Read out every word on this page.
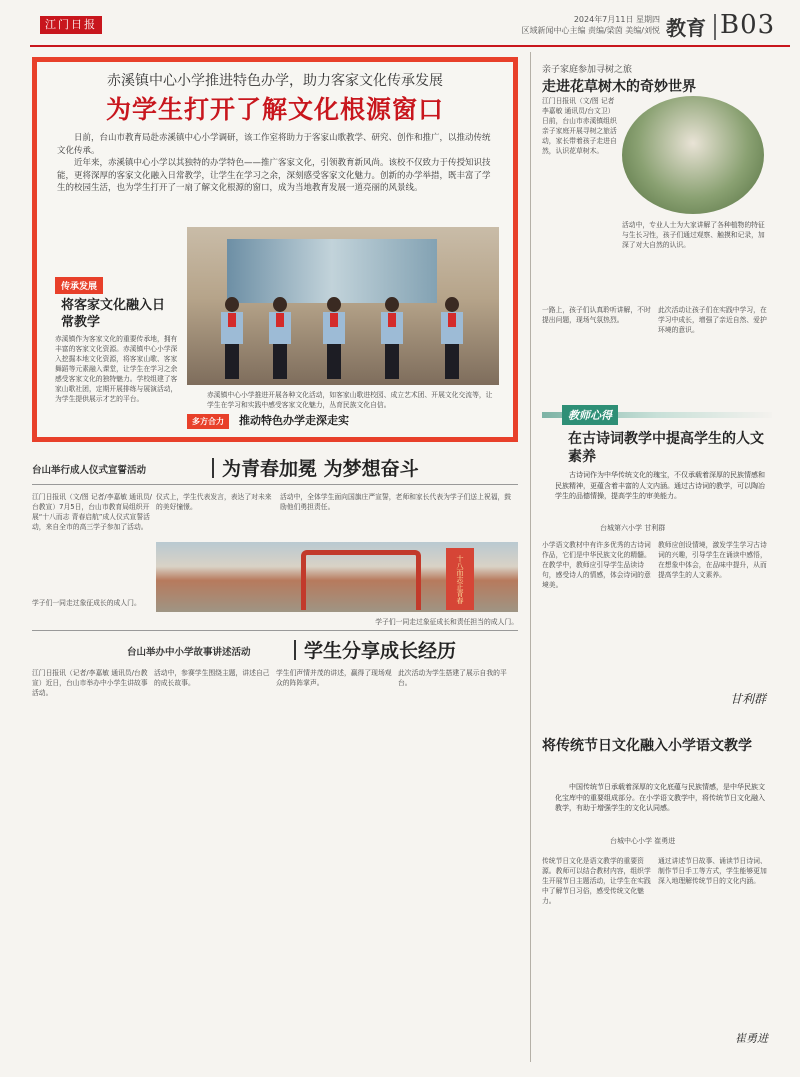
江门日报	2024年7月11日 星期四
区域新闻中心主编 责编/梁茵 美编/刘悦 教育 B03
赤溪镇中心小学推进特色办学，助力客家文化传承发展
为学生打开了解文化根源窗口

日前，台山市教育局赴赤溪镇中心小学调研，该工作室将助力于客家山歌教学、研究、创作和推广，以推动传统文化传承。

近年来，赤溪镇中心小学以其独特的办学特色——推广客家文化，引领教育新风尚。该校不仅致力于传授知识技能，更将深厚的客家文化融入日常教学，让学生在学习之余，深刻感受客家文化魅力。创新的办学举措，既丰富了学生的校园生活，也为学生打开了一扇了解文化根源的窗口，成为当地教育发展一道亮丽的风景线。

传承发展
将客家文化融入日常教学
赤溪镇作为客家文化的重要传承地，拥有丰富的客家文化资源。赤溪镇中心小学深入挖掘本地文化资源，将客家山歌、客家舞蹈等元素融入课堂，让学生在学习之余感受客家文化的独特魅力。学校组建了客家山歌社团，定期开展排练与展演活动，为学生提供展示才艺的平台。	赤溪镇中心小学推进开展各种文化活动，如客家山歌进校园、成立艺术团、开展文化交流等，让学生在学习和实践中感受客家文化魅力，丛育民族文化自信。
多方合力	推动特色办学走深走实
亲子家庭参加寻树之旅
走进花草树木的奇妙世界
江门日报讯（文/图 记者李嘉敏 通讯员/台文卫）日前，台山市赤溪镇组织亲子家庭开展寻树之旅活动，家长带着孩子走进自然，认识花草树木。
活动中，专业人士为大家讲解了各种植物的特征与生长习性，孩子们通过观察、触摸和记录，加深了对大自然的认识。
一路上，孩子们认真聆听讲解，不时提出问题，现场气氛热烈。
此次活动让孩子们在实践中学习，在学习中成长，增强了亲近自然、爱护环境的意识。
教师心得
在古诗词教学中提高学生的人文素养
古诗词作为中华传统文化的瑰宝，不仅承载着深厚的民族情感和民族精神，更蕴含着丰富的人文内涵。通过古诗词的教学，可以陶冶学生的品德情操，提高学生的审美能力。
台城第六小学 甘利群
小学语文教材中有许多优秀的古诗词作品，它们是中华民族文化的精髓。在教学中，教师应引导学生品读诗句，感受诗人的情感，体会诗词的意境美。
教师应创设情境，激发学生学习古诗词的兴趣，引导学生在诵读中感悟，在想象中体会，在品味中提升，从而提高学生的人文素养。
甘利群
将传统节日文化融入小学语文教学
中国传统节日承载着深厚的文化底蕴与民族情感，是中华民族文化宝库中的重要组成部分。在小学语文教学中，将传统节日文化融入教学，有助于增强学生的文化认同感。
台城中心小学 崔勇进
传统节日文化是语文教学的重要资源。教师可以结合教材内容，组织学生开展节日主题活动，让学生在实践中了解节日习俗，感受传统文化魅力。
通过讲述节日故事、诵读节日诗词、制作节日手工等方式，学生能够更加深入地理解传统节日的文化内涵。
崔勇进
台山举行成人仪式宣誓活动	为青春加冕 为梦想奋斗
江门日报讯（文/图 记者/李嘉敏 通讯员/台教宣）7月5日，台山市教育局组织开展“十八而志 青春启航”成人仪式宣誓活动，来自全市的高三学子参加了活动。
仪式上，学生代表发言，表达了对未来的美好憧憬。
活动中，全体学生面向国旗庄严宣誓，老师和家长代表为学子们送上祝福，鼓励他们勇担责任。
十八而志正青春
学子们一同走过象征成长和责任担当的成人门。
学子们一同走过象征成长的成人门。
台山举办中小学故事讲述活动	学生分享成长经历
江门日报讯（记者/李嘉敏 通讯员/台教宣）近日，台山市举办中小学生讲故事活动。
活动中，参赛学生围绕主题，讲述自己的成长故事。
学生们声情并茂的讲述，赢得了现场观众的阵阵掌声。
此次活动为学生搭建了展示自我的平台。
